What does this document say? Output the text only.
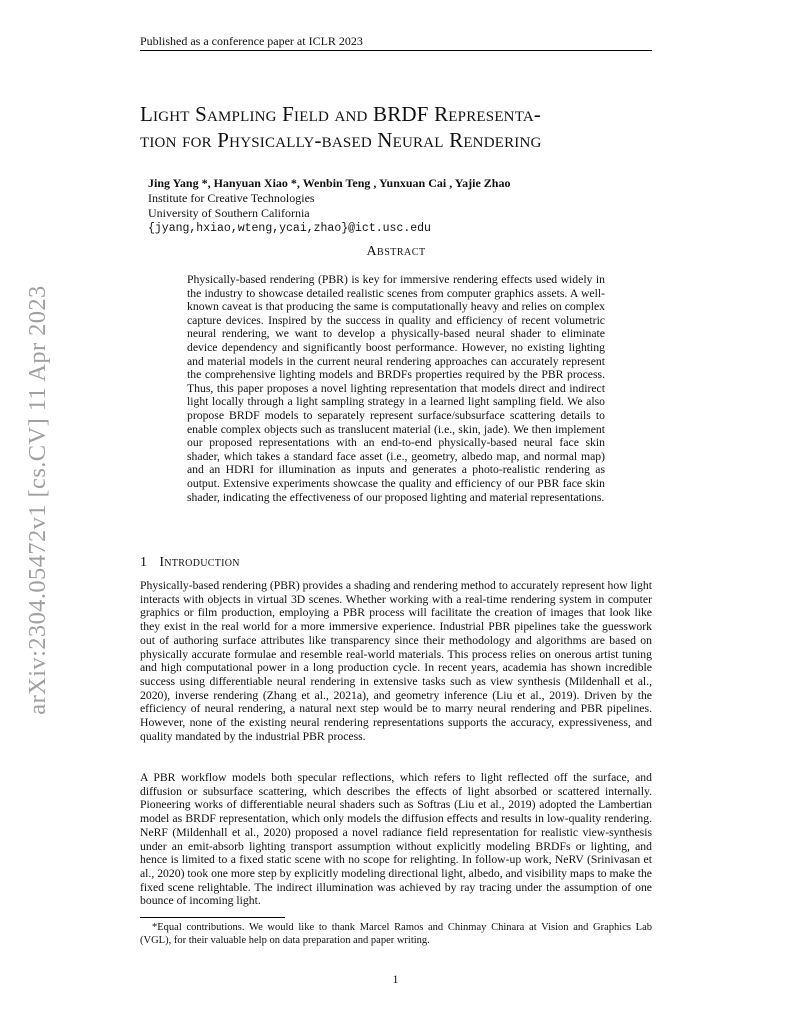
Published as a conference paper at ICLR 2023
arXiv:2304.05472v1 [cs.CV] 11 Apr 2023
Light Sampling Field and BRDF Representa-
tion for Physically-based Neural Rendering
Jing Yang *, Hanyuan Xiao *, Wenbin Teng , Yunxuan Cai , Yajie Zhao
Institute for Creative Technologies
University of Southern California
{jyang,hxiao,wteng,ycai,zhao}@ict.usc.edu
Abstract

Physically-based rendering (PBR) is key for immersive rendering effects used widely in the industry to showcase detailed realistic scenes from computer graphics assets. A well-known caveat is that producing the same is computationally heavy and relies on complex capture devices. Inspired by the success in quality and efficiency of recent volumetric neural rendering, we want to develop a physically-based neural shader to eliminate device dependency and significantly boost performance. However, no existing lighting and material models in the current neural rendering approaches can accurately represent the comprehensive lighting models and BRDFs properties required by the PBR process. Thus, this paper proposes a novel lighting representation that models direct and indirect light locally through a light sampling strategy in a learned light sampling field. We also propose BRDF models to separately represent surface/subsurface scattering details to enable complex objects such as translucent material (i.e., skin, jade). We then implement our proposed representations with an end-to-end physically-based neural face skin shader, which takes a standard face asset (i.e., geometry, albedo map, and normal map) and an HDRI for illumination as inputs and generates a photo-realistic rendering as output. Extensive experiments showcase the quality and efficiency of our PBR face skin shader, indicating the effectiveness of our proposed lighting and material representations.

1 Introduction

Physically-based rendering (PBR) provides a shading and rendering method to accurately represent how light interacts with objects in virtual 3D scenes. Whether working with a real-time rendering system in computer graphics or film production, employing a PBR process will facilitate the creation of images that look like they exist in the real world for a more immersive experience. Industrial PBR pipelines take the guesswork out of authoring surface attributes like transparency since their methodology and algorithms are based on physically accurate formulae and resemble real-world materials. This process relies on onerous artist tuning and high computational power in a long production cycle. In recent years, academia has shown incredible success using differentiable neural rendering in extensive tasks such as view synthesis (Mildenhall et al., 2020), inverse rendering (Zhang et al., 2021a), and geometry inference (Liu et al., 2019). Driven by the efficiency of neural rendering, a natural next step would be to marry neural rendering and PBR pipelines. However, none of the existing neural rendering representations supports the accuracy, expressiveness, and quality mandated by the industrial PBR process.

A PBR workflow models both specular reflections, which refers to light reflected off the surface, and diffusion or subsurface scattering, which describes the effects of light absorbed or scattered internally. Pioneering works of differentiable neural shaders such as Softras (Liu et al., 2019) adopted the Lambertian model as BRDF representation, which only models the diffusion effects and results in low-quality rendering. NeRF (Mildenhall et al., 2020) proposed a novel radiance field representation for realistic view-synthesis under an emit-absorb lighting transport assumption without explicitly modeling BRDFs or lighting, and hence is limited to a fixed static scene with no scope for relighting. In follow-up work, NeRV (Srinivasan et al., 2020) took one more step by explicitly modeling directional light, albedo, and visibility maps to make the fixed scene relightable. The indirect illumination was achieved by ray tracing under the assumption of one bounce of incoming light.

*Equal contributions. We would like to thank Marcel Ramos and Chinmay Chinara at Vision and Graphics Lab (VGL), for their valuable help on data preparation and paper writing.

1
